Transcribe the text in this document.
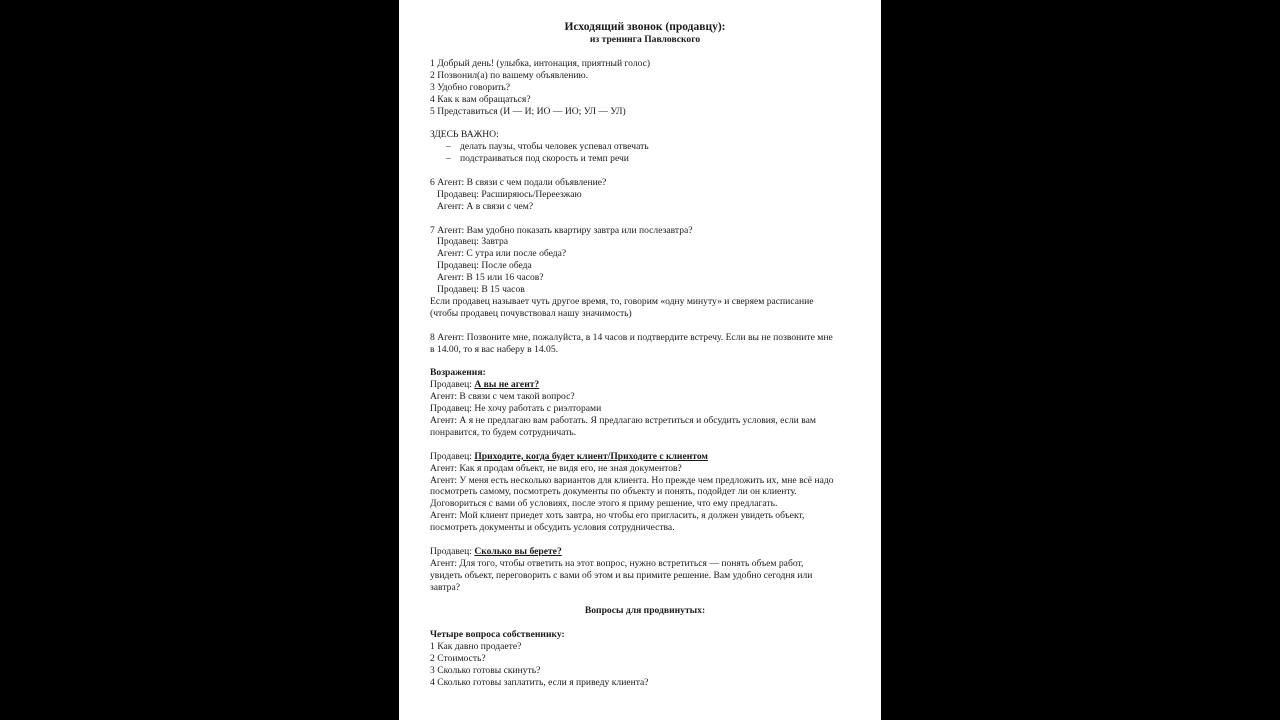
Исходящий звонок (продавцу):
из тренинга Павловского
1 Добрый день! (улыбка, интонация, приятный голос)
2 Позвонил(а) по вашему объявлению.
3 Удобно говорить?
4 Как к вам обращаться?
5 Представиться (И — И; ИО — ИО; УЛ — УЛ)
ЗДЕСЬ ВАЖНО:
– делать паузы, чтобы человек успевал отвечать
– подстраиваться под скорость и темп речи
6 Агент: В связи с чем подали объявление?
Продавец: Расширяюсь/Переезжаю
Агент: А в связи с чем?
7 Агент: Вам удобно показать квартиру завтра или послезавтра?
Продавец: Завтра
Агент: С утра или после обеда?
Продавец: После обеда
Агент: В 15 или 16 часов?
Продавец: В 15 часов
Если продавец называет чуть другое время, то, говорим «одну минуту» и сверяем расписание
(чтобы продавец почувствовал нашу значимость)
8 Агент: Позвоните мне, пожалуйста, в 14 часов и подтвердите встречу. Если вы не позвоните мне
в 14.00, то я вас набеpу в 14.05.
Возражения:
Продавец: А вы не агент?
Агент: В связи с чем такой вопрос?
Продавец: Не хочу работать с риэлторами
Агент: А я не предлагаю вам работать. Я предлагаю встретиться и обсудить условия, если вам
понравится, то будем сотрудничать.
Продавец: Приходите, когда будет клиент/Приходите с клиентом
Агент: Как я продам объект, не видя его, не зная документов?
Агент: У меня есть несколько вариантов для клиента. Но прежде чем предложить их, мне всё надо
посмотреть самому, посмотреть документы по объекту и понять, подойдет ли он клиенту.
Договориться с вами об условиях, после этого я приму решение, что ему предлагать.
Агент: Мой клиент приедет хоть завтра, но чтобы его пригласить, я должен увидеть объект,
посмотреть документы и обсудить условия сотрудничества.
Продавец: Сколько вы берете?
Агент: Для того, чтобы ответить на этот вопрос, нужно встретиться — понять объем работ,
увидеть объект, переговорить с вами об этом и вы примите решение. Вам удобно сегодня или
завтра?
Вопросы для продвинутых:
Четыре вопроса собственнику:
1 Как давно продаете?
2 Стоимость?
3 Сколько готовы скинуть?
4 Сколько готовы заплатить, если я приведу клиента?
